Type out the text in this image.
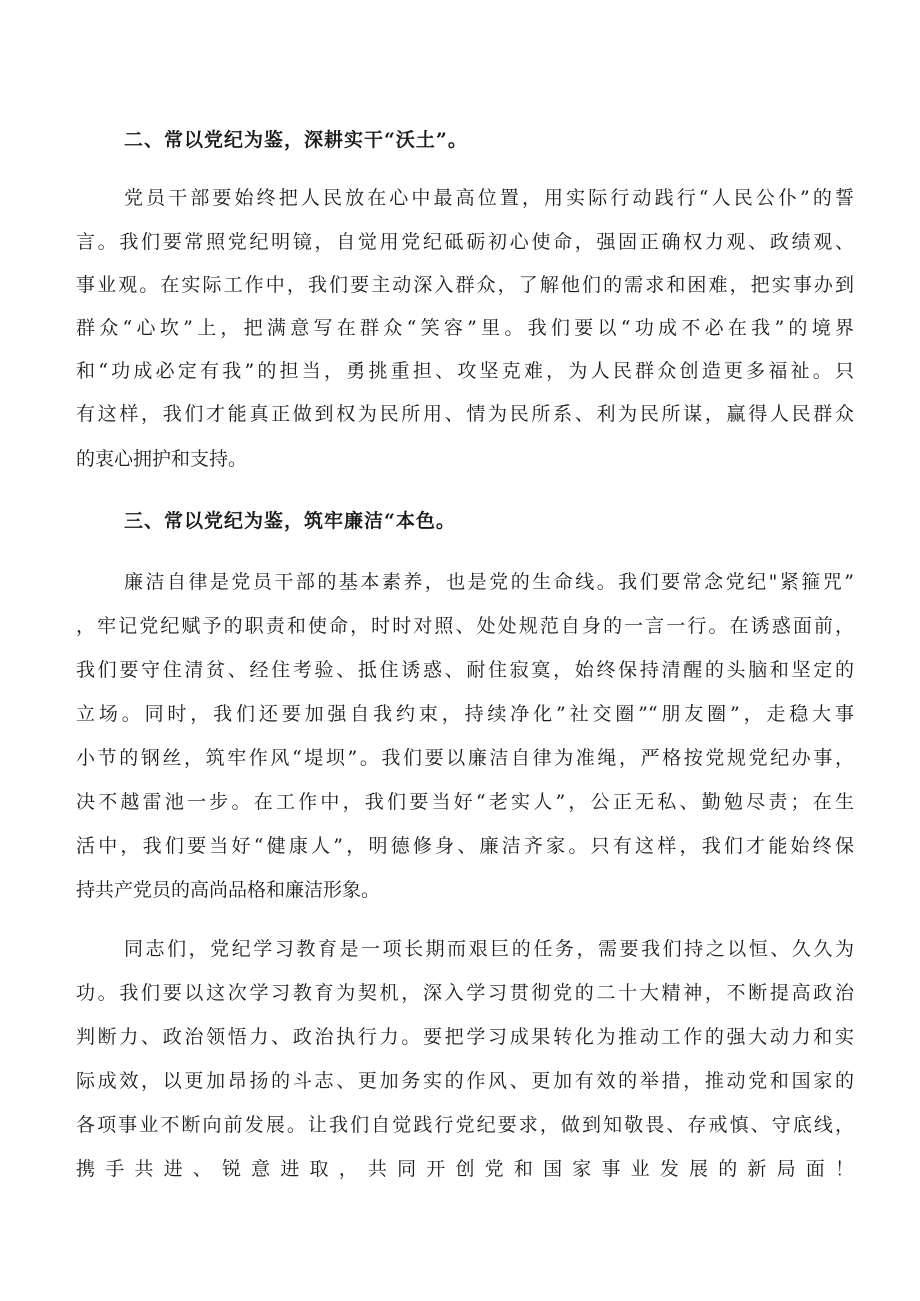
二、常以党纪为鉴，深耕实干“沃土”。
党员干部要始终把人民放在心中最高位置，用实际行动践行“人民公仆”的誓
言。我们要常照党纪明镜，自觉用党纪砥砺初心使命，强固正确权力观、政绩观、
事业观。在实际工作中，我们要主动深入群众，了解他们的需求和困难，把实事办到
群众“心坎”上，把满意写在群众“笑容”里。我们要以“功成不必在我”的境界
和“功成必定有我”的担当，勇挑重担、攻坚克难，为人民群众创造更多福祉。只
有这样，我们才能真正做到权为民所用、情为民所系、利为民所谋，赢得人民群众
的衷心拥护和支持。
三、常以党纪为鉴，筑牢廉洁“本色。
廉洁自律是党员干部的基本素养，也是党的生命线。我们要常念党纪"紧箍咒”
，牢记党纪赋予的职责和使命，时时对照、处处规范自身的一言一行。在诱惑面前，
我们要守住清贫、经住考验、抵住诱惑、耐住寂寞，始终保持清醒的头脑和坚定的
立场。同时，我们还要加强自我约束，持续净化”社交圈”“朋友圈”，走稳大事
小节的钢丝，筑牢作风“堤坝”。我们要以廉洁自律为准绳，严格按党规党纪办事，
决不越雷池一步。在工作中，我们要当好“老实人”，公正无私、勤勉尽责；在生
活中，我们要当好“健康人”，明德修身、廉洁齐家。只有这样，我们才能始终保
持共产党员的高尚品格和廉洁形象。
同志们，党纪学习教育是一项长期而艰巨的任务，需要我们持之以恒、久久为
功。我们要以这次学习教育为契机，深入学习贯彻党的二十大精神，不断提高政治
判断力、政治领悟力、政治执行力。要把学习成果转化为推动工作的强大动力和实
际成效，以更加昂扬的斗志、更加务实的作风、更加有效的举措，推动党和国家的
各项事业不断向前发展。让我们自觉践行党纪要求，做到知敬畏、存戒慎、守底线，
携手共进、锐意进取，共同开创党和国家事业发展的新局面！
